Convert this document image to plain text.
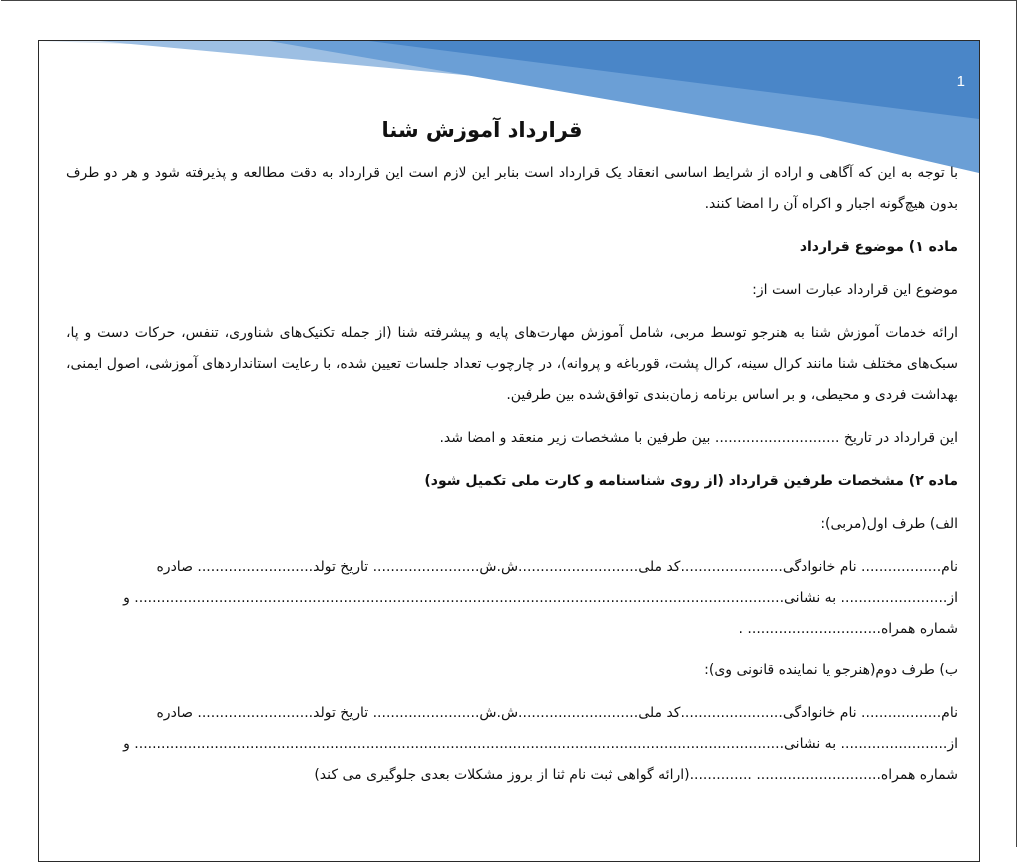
1
قرارداد آموزش شنا

با توجه به این که آگاهی و اراده از شرایط اساسی انعقاد یک قرارداد است بنابر این لازم است این قرارداد به دقت مطالعه و پذیرفته شود و هر دو طرف بدون هیچ‌گونه اجبار و اکراه آن را امضا کنند.

ماده ۱) موضوع قرارداد

موضوع این قرارداد عبارت است از:

ارائه خدمات آموزش شنا به هنرجو توسط مربی، شامل آموزش مهارت‌های پایه و پیشرفته شنا (از جمله تکنیک‌های شناوری، تنفس، حرکات دست و پا، سبک‌های مختلف شنا مانند کرال سینه، کرال پشت، قورباغه و پروانه)، در چارچوب تعداد جلسات تعیین شده، با رعایت استانداردهای آموزشی، اصول ایمنی، بهداشت فردی و محیطی، و بر اساس برنامه زمان‌بندی توافق‌شده بین طرفین.

این قرارداد در تاریخ ............................ بین طرفین با مشخصات زیر منعقد و امضا شد.

ماده ۲) مشخصات طرفین قرارداد (از روی شناسنامه و کارت ملی تکمیل شود)

الف) طرف اول(مربی):

نام.................. نام خانوادگی.......................کد ملی...........................ش.ش........................ تاریخ تولد.......................... صادره
از........................ به نشانی.................................................................................................................................................. و
شماره همراه.............................. .

ب) طرف دوم(هنرجو یا نماینده قانونی وی):

نام.................. نام خانوادگی.......................کد ملی...........................ش.ش........................ تاریخ تولد.......................... صادره
از........................ به نشانی.................................................................................................................................................. و
شماره همراه............................ ..............(ارائه گواهی ثبت نام ثنا از بروز مشکلات بعدی جلوگیری می کند)
